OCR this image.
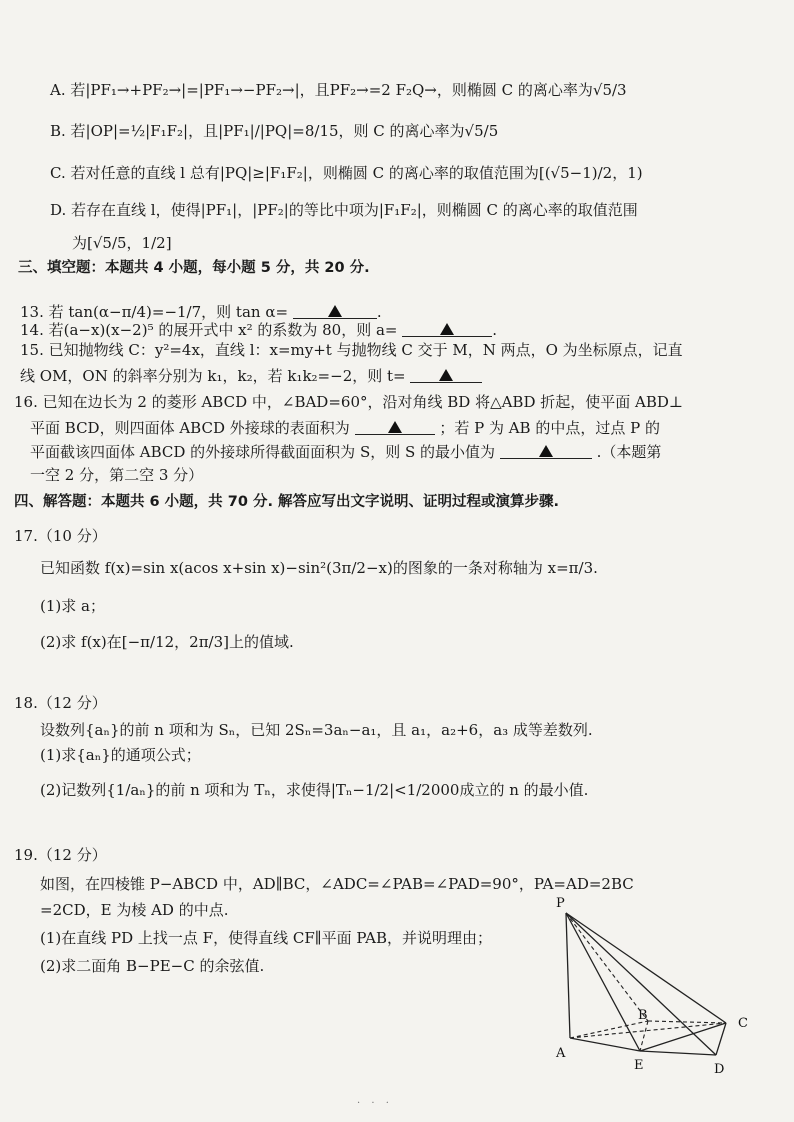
A. 若|PF₁→+PF₂→|=|PF₁→−PF₂→|，且PF₂→=2 F₂Q→，则椭圆 C 的离心率为√5/3
B. 若|OP|=½|F₁F₂|，且|PF₁|/|PQ|=8/15，则 C 的离心率为√5/5
C. 若对任意的直线 l 总有|PQ|≥|F₁F₂|，则椭圆 C 的离心率的取值范围为[(√5−1)/2，1)
D. 若存在直线 l，使得|PF₁|，|PF₂|的等比中项为|F₁F₂|，则椭圆 C 的离心率的取值范围
为[√5/5，1/2]
三、填空题：本题共 4 小题，每小题 5 分，共 20 分.
13. 若 tan(α−π/4)=−1/7，则 tan α=	.
14. 若(a−x)(x−2)⁵ 的展开式中 x² 的系数为 80，则 a=	.
15. 已知抛物线 C：y²=4x，直线 l：x=my+t 与抛物线 C 交于 M，N 两点，O 为坐标原点，记直
线 OM，ON 的斜率分别为 k₁，k₂，若 k₁k₂=−2，则 t=
16. 已知在边长为 2 的菱形 ABCD 中，∠BAD=60°，沿对角线 BD 将△ABD 折起，使平面 ABD⊥
平面 BCD，则四面体 ABCD 外接球的表面积为	；若 P 为 AB 的中点，过点 P 的
平面截该四面体 ABCD 的外接球所得截面面积为 S，则 S 的最小值为	.（本题第
一空 2 分，第二空 3 分）
四、解答题：本题共 6 小题，共 70 分. 解答应写出文字说明、证明过程或演算步骤.
17.（10 分）
已知函数 f(x)=sin x(acos x+sin x)−sin²(3π/2−x)的图象的一条对称轴为 x=π/3.
(1)求 a；
(2)求 f(x)在[−π/12，2π/3]上的值域.
18.（12 分）
设数列{aₙ}的前 n 项和为 Sₙ，已知 2Sₙ=3aₙ−a₁，且 a₁，a₂+6，a₃ 成等差数列.
(1)求{aₙ}的通项公式；
(2)记数列{1/aₙ}的前 n 项和为 Tₙ，求使得|Tₙ−1/2|<1/2000成立的 n 的最小值.
19.（12 分）
如图，在四棱锥 P−ABCD 中，AD∥BC，∠ADC=∠PAB=∠PAD=90°，PA=AD=2BC
=2CD，E 为棱 AD 的中点.
(1)在直线 PD 上找一点 F，使得直线 CF∥平面 PAB，并说明理由；
(2)求二面角 B−PE−C 的余弦值.
P
B
C
A
E	D
· · ·
